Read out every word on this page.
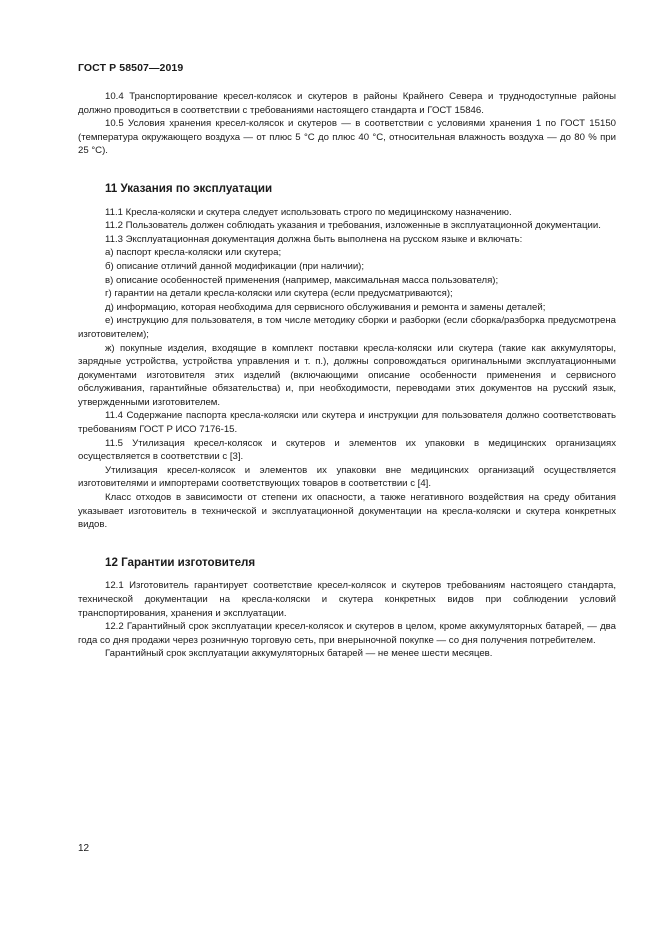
ГОСТ Р 58507—2019

10.4 Транспортирование кресел-колясок и скутеров в районы Крайнего Севера и труднодоступные районы должно проводиться в соответствии с требованиями настоящего стандарта и ГОСТ 15846.

10.5 Условия хранения кресел-колясок и скутеров — в соответствии с условиями хранения 1 по ГОСТ 15150 (температура окружающего воздуха — от плюс 5 °С до плюс 40 °С, относительная влажность воздуха — до 80 % при 25 °С).

11 Указания по эксплуатации

11.1 Кресла-коляски и скутера следует использовать строго по медицинскому назначению.

11.2 Пользователь должен соблюдать указания и требования, изложенные в эксплуатационной документации.

11.3 Эксплуатационная документация должна быть выполнена на русском языке и включать:

а) паспорт кресла-коляски или скутера;

б) описание отличий данной модификации (при наличии);

в) описание особенностей применения (например, максимальная масса пользователя);

г) гарантии на детали кресла-коляски или скутера (если предусматриваются);

д) информацию, которая необходима для сервисного обслуживания и ремонта и замены деталей;

е) инструкцию для пользователя, в том числе методику сборки и разборки (если сборка/разборка предусмотрена изготовителем);

ж) покупные изделия, входящие в комплект поставки кресла-коляски или скутера (такие как аккумуляторы, зарядные устройства, устройства управления и т. п.), должны сопровождаться оригинальными эксплуатационными документами изготовителя этих изделий (включающими описание особенности применения и сервисного обслуживания, гарантийные обязательства) и, при необходимости, переводами этих документов на русский язык, утвержденными изготовителем.

11.4 Содержание паспорта кресла-коляски или скутера и инструкции для пользователя должно соответствовать требованиям ГОСТ Р ИСО 7176-15.

11.5 Утилизация кресел-колясок и скутеров и элементов их упаковки в медицинских организациях осуществляется в соответствии с [3].

Утилизация кресел-колясок и элементов их упаковки вне медицинских организаций осуществляется изготовителями и импортерами соответствующих товаров в соответствии с [4].

Класс отходов в зависимости от степени их опасности, а также негативного воздействия на среду обитания указывает изготовитель в технической и эксплуатационной документации на кресла-коляски и скутера конкретных видов.

12 Гарантии изготовителя

12.1 Изготовитель гарантирует соответствие кресел-колясок и скутеров требованиям настоящего стандарта, технической документации на кресла-коляски и скутера конкретных видов при соблюдении условий транспортирования, хранения и эксплуатации.

12.2 Гарантийный срок эксплуатации кресел-колясок и скутеров в целом, кроме аккумуляторных батарей, — два года со дня продажи через розничную торговую сеть, при внерыночной покупке — со дня получения потребителем.

Гарантийный срок эксплуатации аккумуляторных батарей — не менее шести месяцев.

12
